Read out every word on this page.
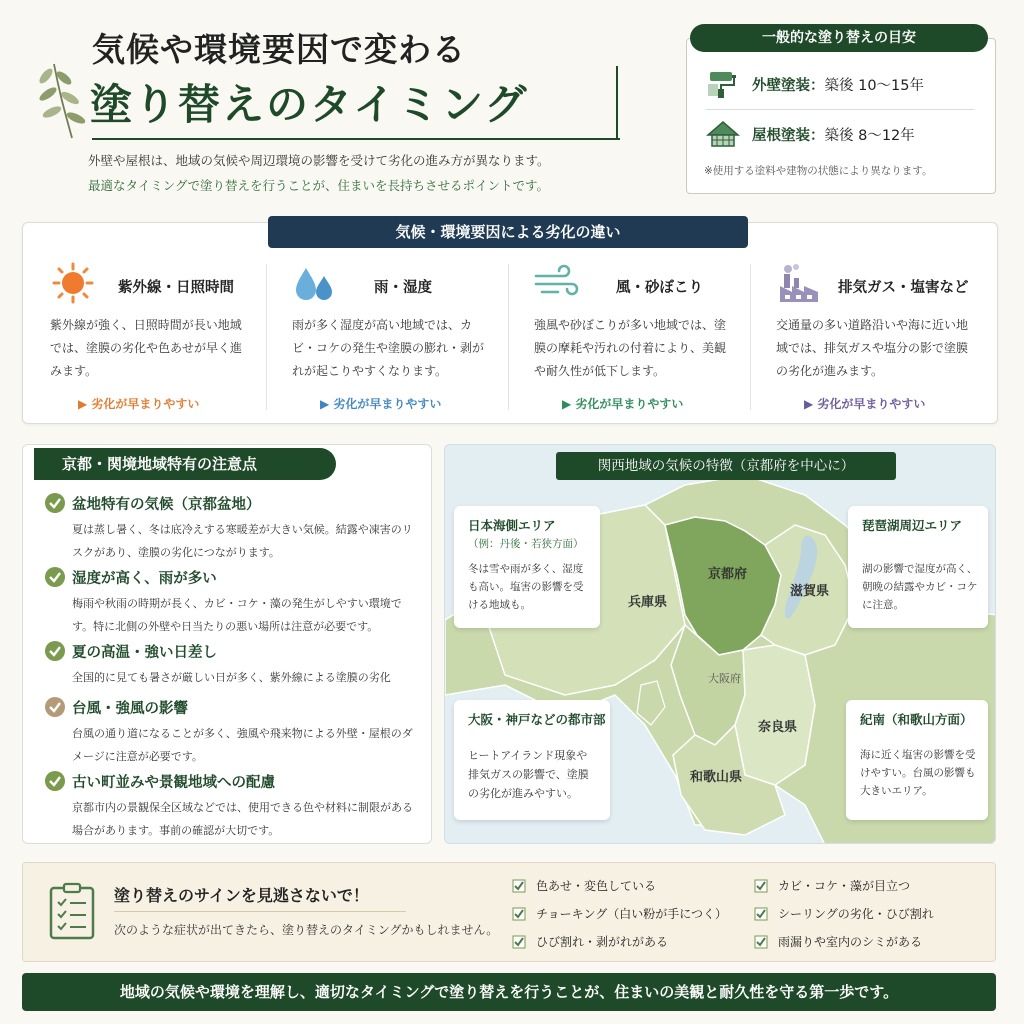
気候や環境要因で変わる
塗り替えのタイミング
外壁や屋根は、地域の気候や周辺環境の影響を受けて劣化の進み方が異なります。
最適なタイミングで塗り替えを行うことが、住まいを長持ちさせるポイントです。
一般的な塗り替えの目安
外壁塗装： 築後 10〜15年
屋根塗装： 築後 8〜12年
※使用する塗料や建物の状態により異なります。
気候・環境要因による劣化の違い
紫外線・日照時間
紫外線が強く、日照時間が長い地域では、塗膜の劣化や色あせが早く進みます。
▶ 劣化が早まりやすい
雨・湿度
雨が多く湿度が高い地域では、カビ・コケの発生や塗膜の膨れ・剥がれが起こりやすくなります。
▶ 劣化が早まりやすい
風・砂ぼこり
強風や砂ぼこりが多い地域では、塗膜の摩耗や汚れの付着により、美観や耐久性が低下します。
▶ 劣化が早まりやすい
排気ガス・塩害など
交通量の多い道路沿いや海に近い地域では、排気ガスや塩分の影で塗膜の劣化が進みます。
▶ 劣化が早まりやすい
京都・関境地域特有の注意点
盆地特有の気候（京都盆地）
夏は蒸し暑く、冬は底冷えする寒暖差が大きい気候。結露や凍害のリスクがあり、塗膜の劣化につながります。
湿度が高く、雨が多い
梅雨や秋雨の時期が長く、カビ・コケ・藻の発生がしやすい環境です。特に北側の外壁や日当たりの悪い場所は注意が必要です。
夏の高温・強い日差し
全国的に見ても暑さが厳しい日が多く、紫外線による塗膜の劣化
台風・強風の影響
台風の通り道になることが多く、強風や飛来物による外壁・屋根のダメージに注意が必要です。
古い町並みや景観地域への配慮
京都市内の景観保全区域などでは、使用できる色や材料に制限がある場合があります。事前の確認が大切です。
関西地域の気候の特徴（京都府を中心に）
京都府
兵庫県
滋賀県
大阪府
奈良県
和歌山県
日本海側エリア
（例：丹後・若狭方面）
冬は雪や雨が多く、湿度も高い。塩害の影響を受ける地域も。
琵琶湖周辺エリア
湖の影響で湿度が高く、朝晩の結露やカビ・コケに注意。
大阪・神戸などの都市部
ヒートアイランド現象や排気ガスの影響で、塗膜の劣化が進みやすい。
紀南（和歌山方面）
海に近く塩害の影響を受けやすい。台風の影響も大きいエリア。
塗り替えのサインを見逃さないで！
次のような症状が出てきたら、塗り替えのタイミングかもしれません。
色あせ・変色している	カビ・コケ・藻が目立つ
チョーキング（白い粉が手につく）	シーリングの劣化・ひび割れ
ひび割れ・剥がれがある	雨漏りや室内のシミがある
地域の気候や環境を理解し、適切なタイミングで塗り替えを行うことが、住まいの美観と耐久性を守る第一歩です。
